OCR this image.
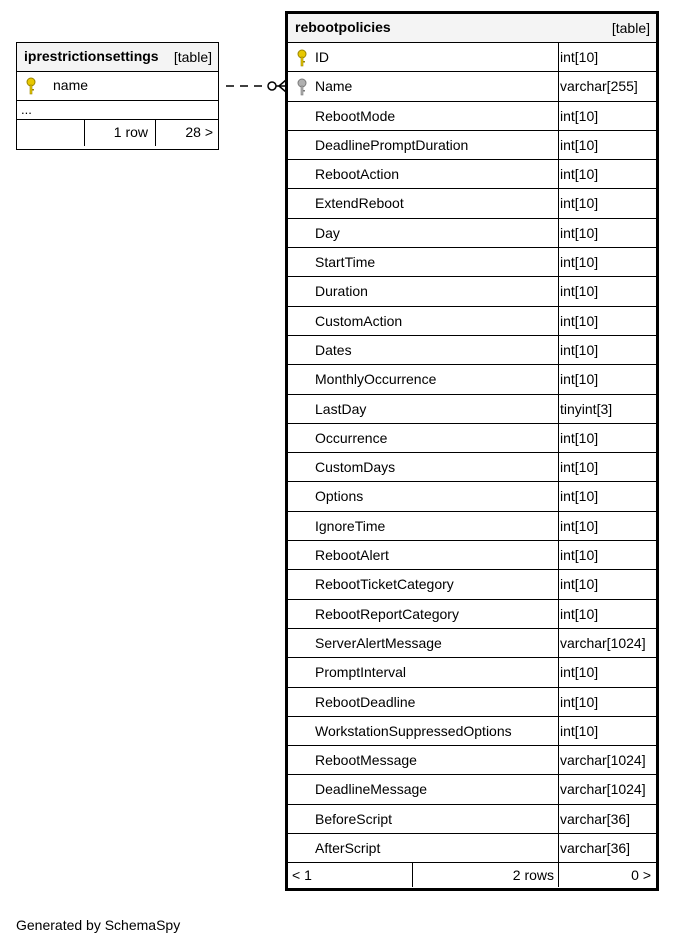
iprestrictionsettings [table]
name
...
1 row	28 >
rebootpolicies	[table]
ID	int[10]
Name	varchar[255]
RebootMode	int[10]
DeadlinePromptDuration	int[10]
RebootAction	int[10]
ExtendReboot	int[10]
Day	int[10]
StartTime	int[10]
Duration	int[10]
CustomAction	int[10]
Dates	int[10]
MonthlyOccurrence	int[10]
LastDay	tinyint[3]
Occurrence	int[10]
CustomDays	int[10]
Options	int[10]
IgnoreTime	int[10]
RebootAlert	int[10]
RebootTicketCategory	int[10]
RebootReportCategory	int[10]
ServerAlertMessage	varchar[1024]
PromptInterval	int[10]
RebootDeadline	int[10]
WorkstationSuppressedOptions	int[10]
RebootMessage	varchar[1024]
DeadlineMessage	varchar[1024]
BeforeScript	varchar[36]
AfterScript	varchar[36]
< 1	2 rows	0 >
Generated by SchemaSpy
